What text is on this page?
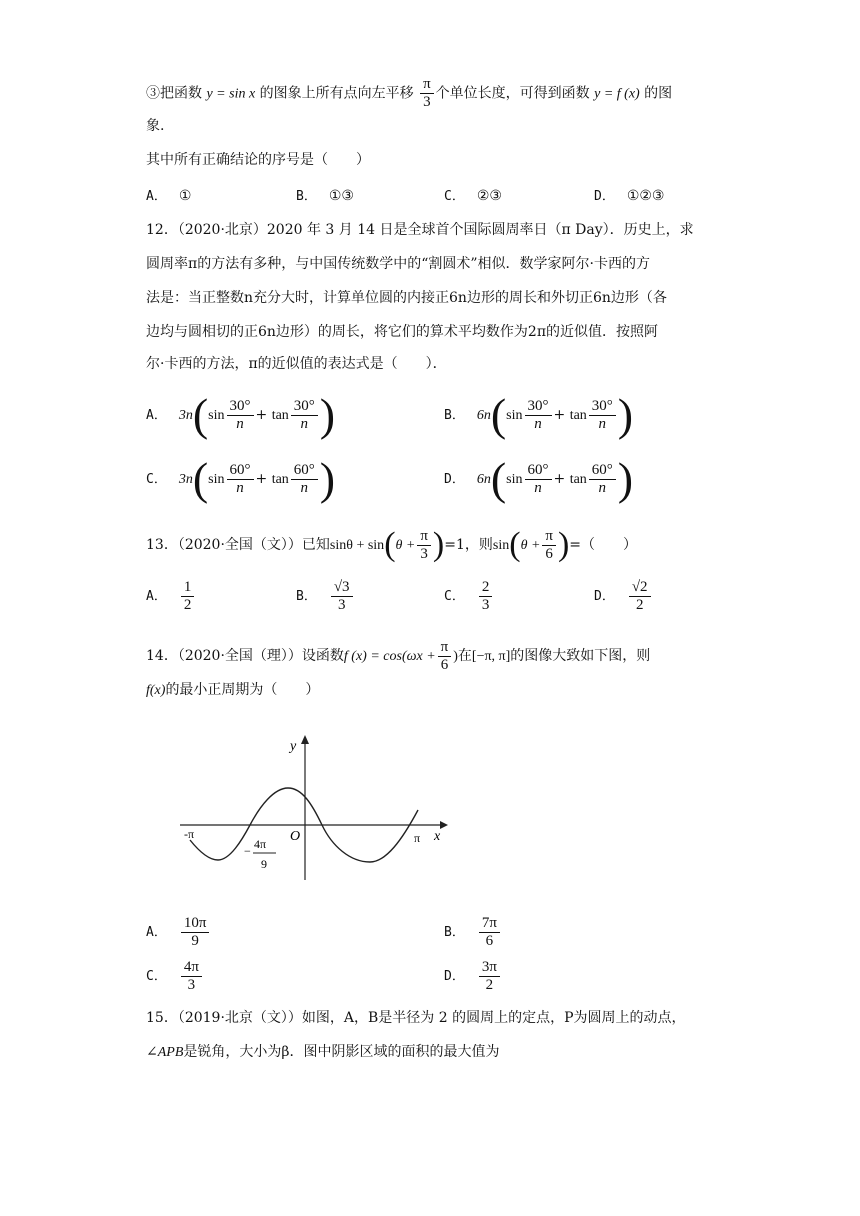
③把函数 y = sin x 的图象上所有点向左平移 $\frac{\pi}{3}$ 个单位长度，可得到函数 y = f (x) 的图
象.
其中所有正确结论的序号是（　　）
A． ①	B． ①③	C． ②③	D． ①②③
12．（2020·北京）2020 年 3 月 14 日是全球首个国际圆周率日（π Day）．历史上，求
圆周率π的方法有多种，与中国传统数学中的“割圆术”相似．数学家阿尔·卡西的方
法是：当正整数n充分大时，计算单位圆的内接正6n边形的周长和外切正6n边形（各
边均与圆相切的正6n边形）的周长，将它们的算术平均数作为2π的近似值．按照阿
尔·卡西的方法，π的近似值的表达式是（　　）．
A． $3n(\sin \frac{30^\circ}{n} + \tan \frac{30^\circ}{n}$ )	B． $6n(\sin \frac{30^\circ}{n} + \tan \frac{30^\circ}{n}$ )
C． $3n(\sin \frac{60^\circ}{n} + \tan \frac{60^\circ}{n}$ )	D． $6n(\sin \frac{60^\circ}{n} + \tan \frac{60^\circ}{n}$ )
13．（2020·全国（文））已知$\sin\theta + \sin(\theta + \frac{\pi}{3} )=1$，则$\sin(\theta + \frac{\pi}{6}$ )=（　　）
A． $\frac{1}{2}$	B． $\frac{√3}{3}$	C． $\frac{2}{3}$	D． $\frac{√2}{2}$
14．（2020·全国（理））设函数f $(x) = \cos(\omega x + \frac{\pi}{6}$ )在[−π, π]的图像大致如下图，则
f(x)的最小正周期为（　　）
y
x
O
-π	π
− 4π
9
A． $\frac{10\pi}{9}$	B． $\frac{7\pi}{6}$
C． $\frac{4\pi}{3}$	D． $\frac{3\pi}{2}$
15．（2019·北京（文））如图，A，B是半径为 2 的圆周上的定点，P为圆周上的动点，
∠APB是锐角，大小为β．图中阴影区域的面积的最大值为
